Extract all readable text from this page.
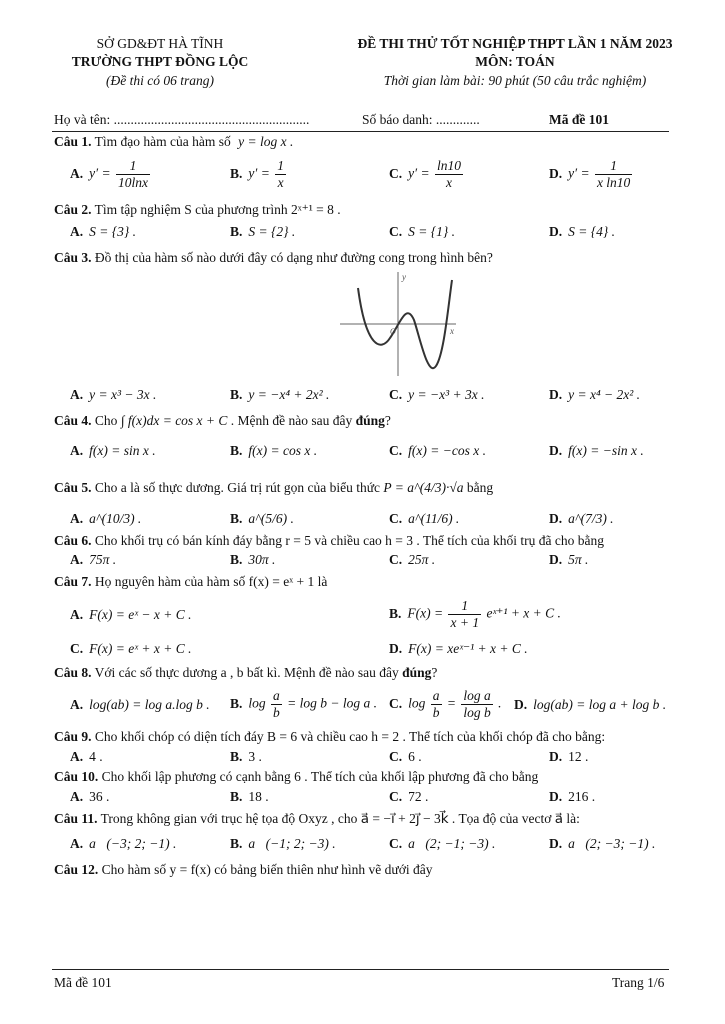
SỞ GD&ĐT HÀ TĨNH
TRƯỜNG THPT ĐỒNG LỘC
(Đề thi có 06 trang)
ĐỀ THI THỬ TỐT NGHIỆP THPT LẦN 1 NĂM 2023
MÔN: TOÁN
Thời gian làm bài: 90 phút (50 câu trắc nghiệm)
Họ và tên: ..........................................................	Số báo danh: .............	Mã đề 101
Câu 1. Tìm đạo hàm của hàm số y = log x .
A. $y' = \frac{1}{10\ln x}$	B. $y' = \frac{1}{x}$	C. $y' = \frac{\ln 10}{x}$	D. $y' = \frac{1}{\text{x ln10}}$
Câu 2. Tìm tập nghiệm S của phương trình 2ˣ⁺¹ = 8 .
A. S = {3} .	B. S = {2} .	C. S = {1} .	D. S = {4} .
Câu 3. Đồ thị của hàm số nào dưới đây có dạng như đường cong trong hình bên?
y
x
O
A. y = x³ − 3x .	B. y = −x⁴ + 2x² .	C. y = −x³ + 3x .	D. y = x⁴ − 2x² .
Câu 4. Cho ∫ f(x)dx = cos x + C . Mệnh đề nào sau đây đúng?
A. f(x) = sin x .	B. f(x) = cos x .	C. f(x) = −cos x .	D. f(x) = −sin x .
Câu 5. Cho a là số thực dương. Giá trị rút gọn của biểu thức P = a^(4/3)·√a bằng
A. a^(10/3) .	B. a^(5/6) .	C. a^(11/6) .	D. a^(7/3) .
Câu 6. Cho khối trụ có bán kính đáy bằng r = 5 và chiều cao h = 3 . Thể tích của khối trụ đã cho bằng
A. 75π .	B. 30π .	C. 25π .	D. 5π .
Câu 7. Họ nguyên hàm của hàm số f(x) = eˣ + 1 là
A. F(x) = eˣ − x + C .	B. $F(x) = \frac{1}{x + 1}$ eˣ⁺¹ + x + C .
C. F(x) = eˣ + x + C .	D. F(x) = xeˣ⁻¹ + x + C .
Câu 8. Với các số thực dương a , b bất kì. Mệnh đề nào sau đây đúng?
A. log(ab) = log a.log b . B. $\log \frac{a}{b} = \log b - \log a$ . C. $\log \frac{a}{b} = \frac{\text{log a}}{\text{log b}}$ . D. log(ab) = log a + log b .
Câu 9. Cho khối chóp có diện tích đáy B = 6 và chiều cao h = 2 . Thể tích của khối chóp đã cho bằng:
A. 4 .	B. 3 .	C. 6 .	D. 12 .
Câu 10. Cho khối lập phương có cạnh bằng 6 . Thể tích của khối lập phương đã cho bằng
A. 36 .	B. 18 .	C. 72 .	D. 216 .
Câu 11. Trong không gian với trục hệ tọa độ Oxyz , cho a⃗ = −i⃗ + 2j⃗ − 3k⃗ . Tọa độ của vectơ a⃗ là:
A. a⃗(−3; 2; −1) .	B. a⃗(−1; 2; −3) .	C. a⃗(2; −1; −3) .	D. a⃗(2; −3; −1) .
Câu 12. Cho hàm số y = f(x) có bảng biến thiên như hình vẽ dưới đây
Mã đề 101	Trang 1/6
